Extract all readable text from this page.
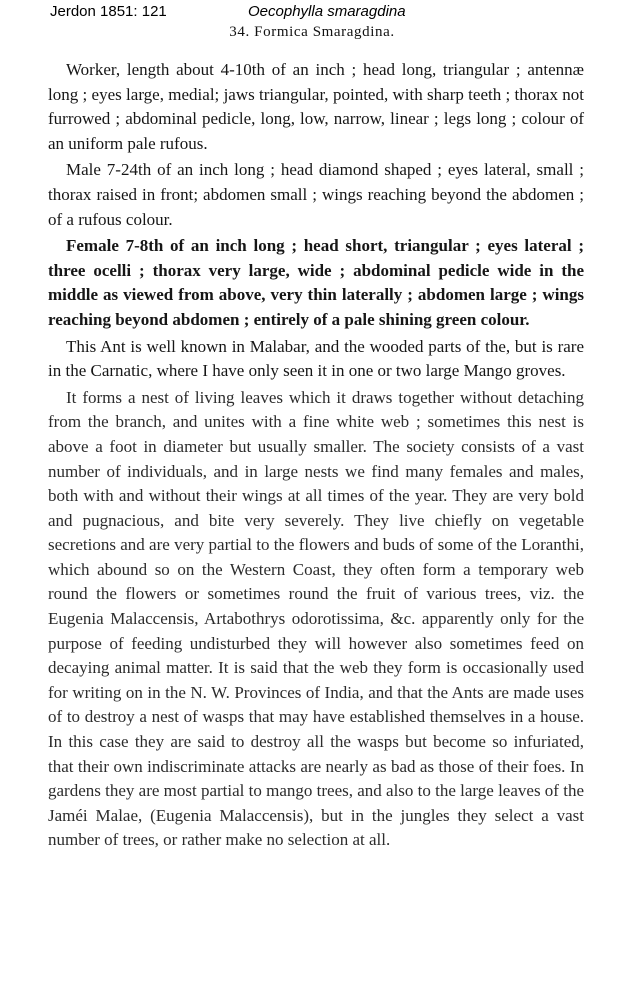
Jerdon 1851: 121	Oecophylla smaragdina
34. Formica Smaragdina.

Worker, length about 4-10th of an inch ; head long, triangular ; antennæ long ; eyes large, medial; jaws triangular, pointed, with sharp teeth ; thorax not furrowed ; abdominal pedicle, long, low, narrow, linear ; legs long ; colour of an uniform pale rufous.

Male 7-24th of an inch long ; head diamond shaped ; eyes lateral, small ; thorax raised in front; abdomen small ; wings reaching beyond the abdomen ; of a rufous colour.

Female 7-8th of an inch long ; head short, triangular ; eyes lateral ; three ocelli ; thorax very large, wide ; abdominal pedicle wide in the middle as viewed from above, very thin laterally ; abdomen large ; wings reaching beyond abdomen ; entirely of a pale shining green colour.

This Ant is well known in Malabar, and the wooded parts of the, but is rare in the Carnatic, where I have only seen it in one or two large Mango groves.

It forms a nest of living leaves which it draws together without detaching from the branch, and unites with a fine white web ; sometimes this nest is above a foot in diameter but usually smaller. The society consists of a vast number of individuals, and in large nests we find many females and males, both with and without their wings at all times of the year. They are very bold and pugnacious, and bite very severely. They live chiefly on vegetable secretions and are very partial to the flowers and buds of some of the Loranthi, which abound so on the Western Coast, they often form a temporary web round the flowers or sometimes round the fruit of various trees, viz. the Eugenia Malaccensis, Artabothrys odorotissima, &c. apparently only for the purpose of feeding undisturbed they will however also sometimes feed on decaying animal matter. It is said that the web they form is occasionally used for writing on in the N. W. Provinces of India, and that the Ants are made uses of to destroy a nest of wasps that may have established themselves in a house. In this case they are said to destroy all the wasps but become so infuriated, that their own indiscriminate attacks are nearly as bad as those of their foes. In gardens they are most partial to mango trees, and also to the large leaves of the Jaméi Malae, (Eugenia Malaccensis), but in the jungles they select a vast number of trees, or rather make no selection at all.
